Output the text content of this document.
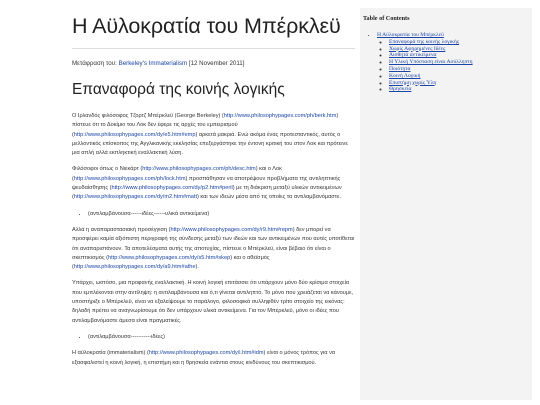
Η Αϋλοκρατία του Μπέρκλεϋ
Μετάφραση του: Berkeley's Immaterialism [12 November 2011]
Επαναφορά της κοινής λογικής

Ο Ιρλανδός φιλόσοφος Τζορτζ Μπέρκλεϋ (George Berkeley) (http://www.philosophypages.com/ph/berk.htm) πίστευε ότι το Δοκίμιο του Λοκ δεν έφερε τις αρχές του εμπειρισμού (http://www.philosophypages.com/dy/e5.htm#emp) αρκετά μακριά. Ενώ ακόμα ένας προτεσταντικός, αυτός ο μελλοντικός επίσκοπος της Αγγλικανικής εκκλησίας επεξεργάστηκε την έντονη κριτική του στον Λοκ και πρότεινε μια απλή αλλά εκπληκτική εναλλακτική λύση.

Φιλόσοφοι όπως ο Νιεκάρτ (http://www.philosophypages.com/ph/desc.htm) και ο Λοκ (http://www.philosophypages.com/ph/lock.htm) προσπάθησαν να αποτρέψουν προβλήματα της αντιληπτικής ψευδαίσθησης (http://www.philosophypages.com/dy/p2.htm#peril) με τη διάκριση μεταξύ υλικών αντικειμένων (http://www.philosophypages.com/dy/m2.htm#matt) και των ιδεών μέσα από τις οποίες τα αντιλαμβανόμαστε.

• (αντιλαμβάνουσα------ιδέες------υλικά αντικείμενα)

Αλλά η αναπαραστασιακή προσέγγιση (http://www.philosophypages.com/dy/r9.htm#repm) δεν μπορεί να προσφέρει καμία αξιόπιστη περιγραφή της σύνδεσης μεταξύ των ιδεών και των αντικειμένων που αυτές υποτίθεται ότι αναπαριστάνουν. Τα αποτελέσματα αυτής της αποτυχίας, πίστευε ο Μπέρκλεϋ, είναι βέβαιο ότι είναι ο σκεπτικισμός (http://www.philosophypages.com/dy/s5.htm#skep) και ο αθεϊσμός (http://www.philosophypages.com/dy/a9.htm#athe).

Υπάρχει, ωστόσο, μια προφανής εναλλακτική. Η κοινή λογική επιτάσσει ότι υπάρχουν μόνο δύο κρίσιμα στοιχεία που εμπλέκονται στην αντίληψη: η αντιλαμβάνουσα και ό,τι γίνεται αντιληπτό. Το μόνο που χρειάζεται να κάνουμε, υποστήριξε ο Μπέρκλεϋ, είναι να εξαλείψουμε το παράλογο, φιλοσοφικά συλληφθέν τρίτο στοιχείο της εικόνας: δηλαδή πρέπει να αναγνωρίσουμε ότι δεν υπάρχουν υλικά αντικείμενα. Για τον Μπέρκλεϋ, μόνο οι ιδέες που αντιλαμβανόμαστε άμεσα είναι πραγματικές.

• (αντιλαμβάνουσα-----------ιδέες)

Η αϋλοκρατία (immaterialism) (http://www.philosophypages.com/dy/i.htm#idm) είναι ο μόνος τρόπος για να εξασφαλιστεί η κοινή λογική, η επιστήμη και η θρησκεία ενάντια στους κινδύνους του σκεπτικισμού.

Table of Contents
• Η Αϋλοκρατία του Μπέρκλεϋ
◦ Επαναφορά της κοινής λογικής
◦ Χωρίς Αφηρημένες Ιδέες
◦ Αισθητά αντικείμενα
◦ Η Υλική Υπόσταση είναι Ασύλληπτη
◦ Ποιότητα
◦ Κοινή Λογική
◦ Επιστήμη χωρίς Ύλη
◦ Θρησκεία
